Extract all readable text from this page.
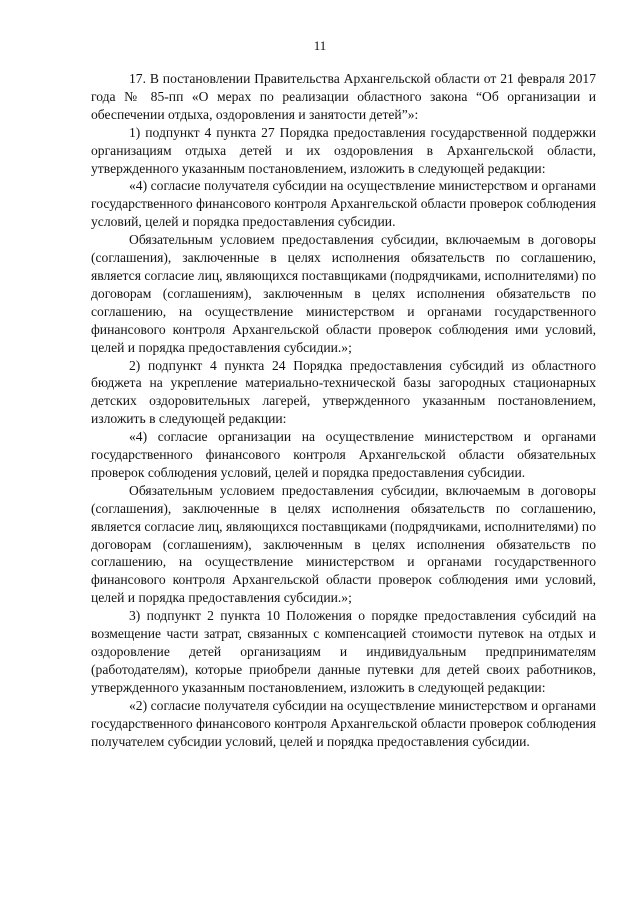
11

17. В постановлении Правительства Архангельской области от 21 февраля 2017 года № 85-пп «О мерах по реализации областного закона “Об организации и обеспечении отдыха, оздоровления и занятости детей”»:

1) подпункт 4 пункта 27 Порядка предоставления государственной поддержки организациям отдыха детей и их оздоровления в Архангельской области, утвержденного указанным постановлением, изложить в следующей редакции:

«4) согласие получателя субсидии на осуществление министерством и органами государственного финансового контроля Архангельской области проверок соблюдения условий, целей и порядка предоставления субсидии.

Обязательным условием предоставления субсидии, включаемым в договоры (соглашения), заключенные в целях исполнения обязательств по соглашению, является согласие лиц, являющихся поставщиками (подрядчиками, исполнителями) по договорам (соглашениям), заключенным в целях исполнения обязательств по соглашению, на осуществление министерством и органами государственного финансового контроля Архангельской области проверок соблюдения ими условий, целей и порядка предоставления субсидии.»;

2) подпункт 4 пункта 24 Порядка предоставления субсидий из областного бюджета на укрепление материально-технической базы загородных стационарных детских оздоровительных лагерей, утвержденного указанным постановлением, изложить в следующей редакции:

«4) согласие организации на осуществление министерством и органами государственного финансового контроля Архангельской области обязательных проверок соблюдения условий, целей и порядка предоставления субсидии.

Обязательным условием предоставления субсидии, включаемым в договоры (соглашения), заключенные в целях исполнения обязательств по соглашению, является согласие лиц, являющихся поставщиками (подрядчиками, исполнителями) по договорам (соглашениям), заключенным в целях исполнения обязательств по соглашению, на осуществление министерством и органами государственного финансового контроля Архангельской области проверок соблюдения ими условий, целей и порядка предоставления субсидии.»;

3) подпункт 2 пункта 10 Положения о порядке предоставления субсидий на возмещение части затрат, связанных с компенсацией стоимости путевок на отдых и оздоровление детей организациям и индивидуальным предпринимателям (работодателям), которые приобрели данные путевки для детей своих работников, утвержденного указанным постановлением, изложить в следующей редакции:

«2) согласие получателя субсидии на осуществление министерством и органами государственного финансового контроля Архангельской области проверок соблюдения получателем субсидии условий, целей и порядка предоставления субсидии.
